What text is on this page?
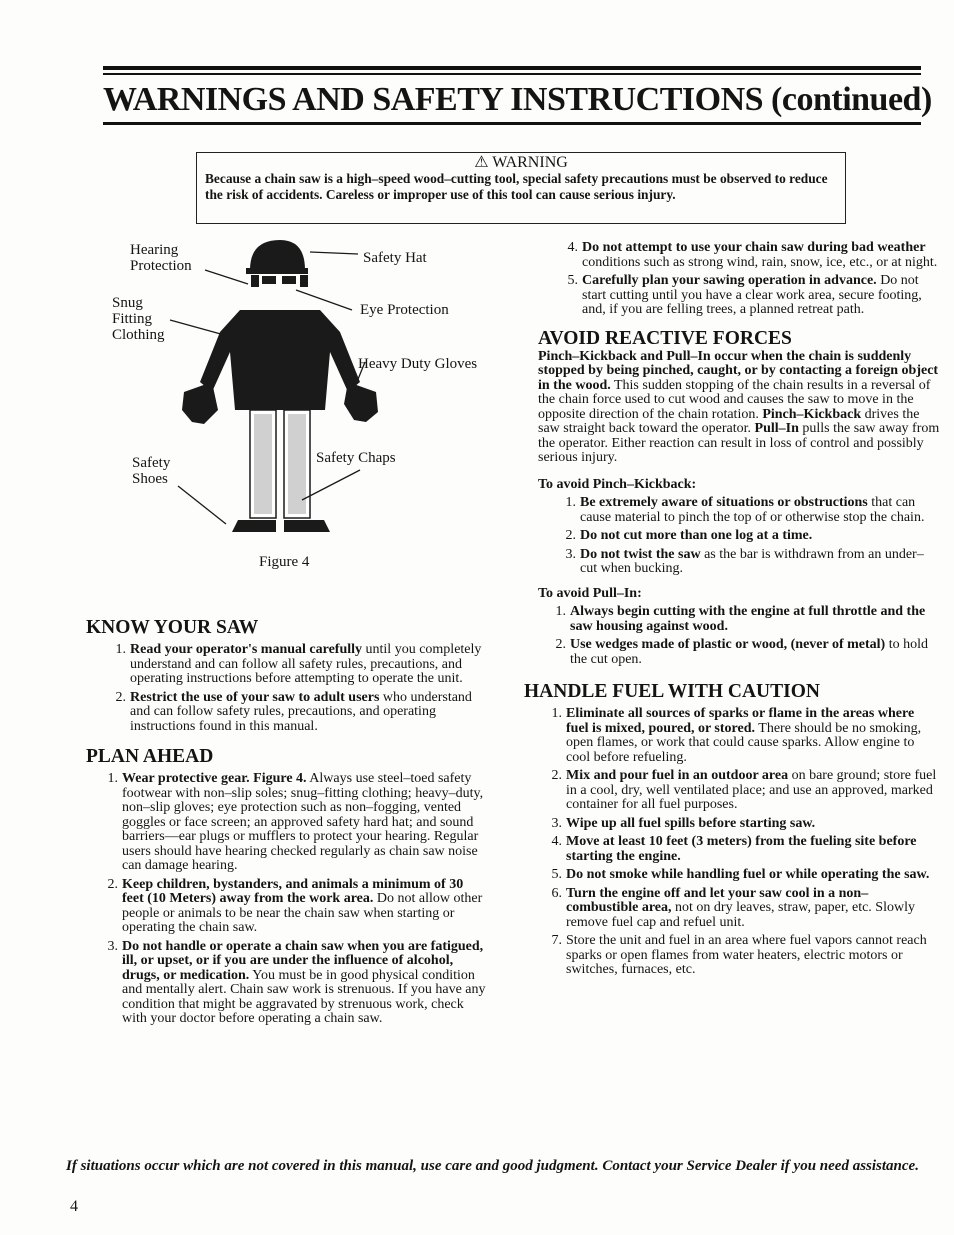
WARNINGS AND SAFETY INSTRUCTIONS (continued)
⚠ WARNING
Because a chain saw is a high–speed wood–cutting tool, special safety precautions must be observed to reduce the risk of accidents. Careless or improper use of this tool can cause serious injury.
Hearing Protection	Safety Hat
Snug Fitting Clothing
Eye Protection
Heavy Duty Gloves
Safety Shoes
Safety Chaps
Figure 4
KNOW YOUR SAW
1. Read your operator's manual carefully until you completely understand and can follow all safety rules, precautions, and operating instructions before attempting to operate the unit.
2. Restrict the use of your saw to adult users who understand and can follow safety rules, precautions, and operating instructions found in this manual.
PLAN AHEAD
1. Wear protective gear. Figure 4. Always use steel–toed safety footwear with non–slip soles; snug–fitting clothing; heavy–duty, non–slip gloves; eye protection such as non–fogging, vented goggles or face screen; an approved safety hard hat; and sound barriers—ear plugs or mufflers to protect your hearing. Regular users should have hearing checked regularly as chain saw noise can damage hearing.
2. Keep children, bystanders, and animals a minimum of 30 feet (10 Meters) away from the work area. Do not allow other people or animals to be near the chain saw when starting or operating the chain saw.
3. Do not handle or operate a chain saw when you are fatigued, ill, or upset, or if you are under the influence of alcohol, drugs, or medication. You must be in good physical condition and mentally alert. Chain saw work is strenuous. If you have any condition that might be aggravated by strenuous work, check with your doctor before operating a chain saw.
4. Do not attempt to use your chain saw during bad weather conditions such as strong wind, rain, snow, ice, etc., or at night.
5. Carefully plan your sawing operation in advance. Do not start cutting until you have a clear work area, secure footing, and, if you are felling trees, a planned retreat path.
AVOID REACTIVE FORCES
Pinch–Kickback and Pull–In occur when the chain is suddenly stopped by being pinched, caught, or by contacting a foreign object in the wood. This sudden stopping of the chain results in a reversal of the chain force used to cut wood and causes the saw to move in the opposite direction of the chain rotation. Pinch–Kickback drives the saw straight back toward the operator. Pull–In pulls the saw away from the operator. Either reaction can result in loss of control and possibly serious injury.
To avoid Pinch–Kickback:
1. Be extremely aware of situations or obstructions that can cause material to pinch the top of or otherwise stop the chain.
2. Do not cut more than one log at a time.
3. Do not twist the saw as the bar is withdrawn from an under–cut when bucking.
To avoid Pull–In:
1. Always begin cutting with the engine at full throttle and the saw housing against wood.
2. Use wedges made of plastic or wood, (never of metal) to hold the cut open.
HANDLE FUEL WITH CAUTION
1. Eliminate all sources of sparks or flame in the areas where fuel is mixed, poured, or stored. There should be no smoking, open flames, or work that could cause sparks. Allow engine to cool before refueling.
2. Mix and pour fuel in an outdoor area on bare ground; store fuel in a cool, dry, well ventilated place; and use an approved, marked container for all fuel purposes.
3. Wipe up all fuel spills before starting saw.
4. Move at least 10 feet (3 meters) from the fueling site before starting the engine.
5. Do not smoke while handling fuel or while operating the saw.
6. Turn the engine off and let your saw cool in a non–combustible area, not on dry leaves, straw, paper, etc. Slowly remove fuel cap and refuel unit.
7. Store the unit and fuel in an area where fuel vapors cannot reach sparks or open flames from water heaters, electric motors or switches, furnaces, etc.
If situations occur which are not covered in this manual, use care and good judgment. Contact your Service Dealer if you need assistance.
4
